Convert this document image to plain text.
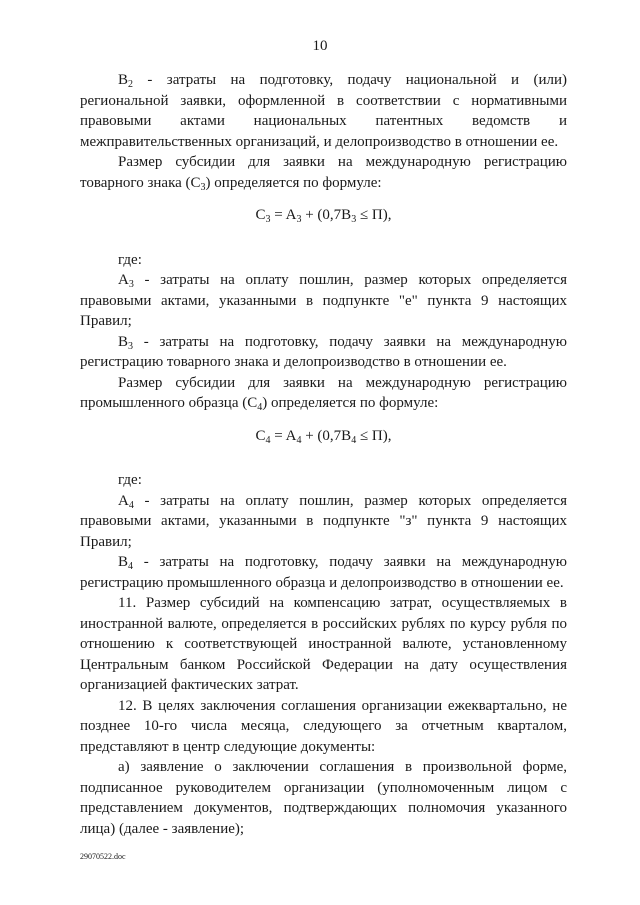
10

$B_2$ - затраты на подготовку, подачу национальной и (или) региональной заявки, оформленной в соответствии с нормативными правовыми актами национальных патентных ведомств и межправительственных организаций, и делопроизводство в отношении ее.

Размер субсидии для заявки на международную регистрацию товарного знака $(C_3)$ определяется по формуле:

$C_3 = A_3 + (0,7B_3 \le П)$,

где:

$A_3$ - затраты на оплату пошлин, размер которых определяется правовыми актами, указанными в подпункте "е" пункта 9 настоящих Правил;

$B_3$ - затраты на подготовку, подачу заявки на международную регистрацию товарного знака и делопроизводство в отношении ее.

Размер субсидии для заявки на международную регистрацию промышленного образца $(C_4)$ определяется по формуле:

$C_4 = A_4 + (0,7B_4 \le П)$,

где:

$A_4$ - затраты на оплату пошлин, размер которых определяется правовыми актами, указанными в подпункте "з" пункта 9 настоящих Правил;

$B_4$ - затраты на подготовку, подачу заявки на международную регистрацию промышленного образца и делопроизводство в отношении ее.

11. Размер субсидий на компенсацию затрат, осуществляемых в иностранной валюте, определяется в российских рублях по курсу рубля по отношению к соответствующей иностранной валюте, установленному Центральным банком Российской Федерации на дату осуществления организацией фактических затрат.

12. В целях заключения соглашения организации ежеквартально, не позднее 10-го числа месяца, следующего за отчетным кварталом, представляют в центр следующие документы:

а) заявление о заключении соглашения в произвольной форме, подписанное руководителем организации (уполномоченным лицом с представлением документов, подтверждающих полномочия указанного лица) (далее - заявление);

29070522.doc
